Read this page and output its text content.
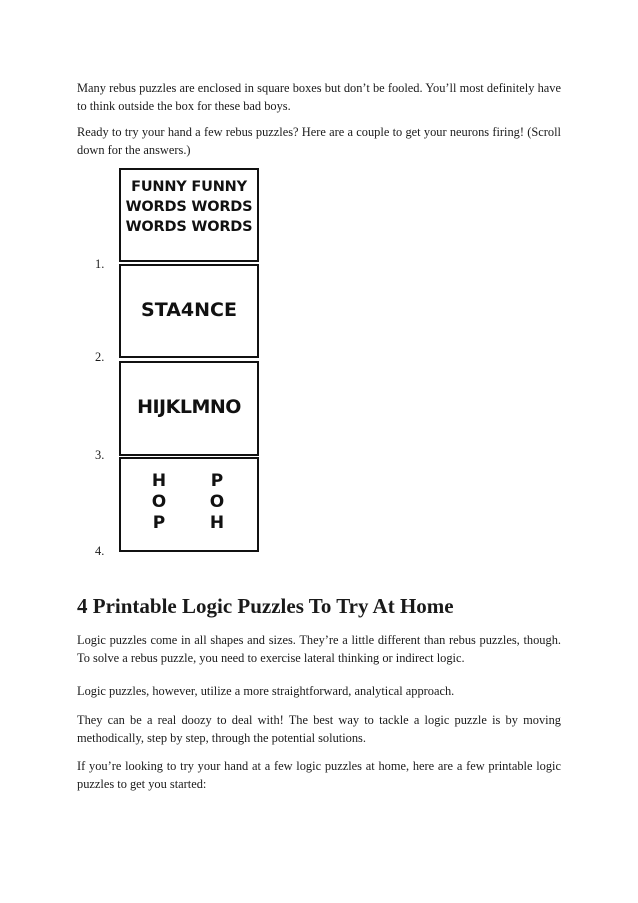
Many rebus puzzles are enclosed in square boxes but don’t be fooled. You’ll most definitely have to think outside the box for these bad boys.

Ready to try your hand a few rebus puzzles? Here are a couple to get your neurons firing! (Scroll down for the answers.)

1.
FUNNY FUNNY
WORDS WORDS
WORDS WORDS
2.
STA4NCE
3.
HIJKLMNO
4.
H
O
P
P
O
H
4 Printable Logic Puzzles To Try At Home

Logic puzzles come in all shapes and sizes. They’re a little different than rebus puzzles, though. To solve a rebus puzzle, you need to exercise lateral thinking or indirect logic.

Logic puzzles, however, utilize a more straightforward, analytical approach.

They can be a real doozy to deal with! The best way to tackle a logic puzzle is by moving methodically, step by step, through the potential solutions.

If you’re looking to try your hand at a few logic puzzles at home, here are a few printable logic puzzles to get you started:
